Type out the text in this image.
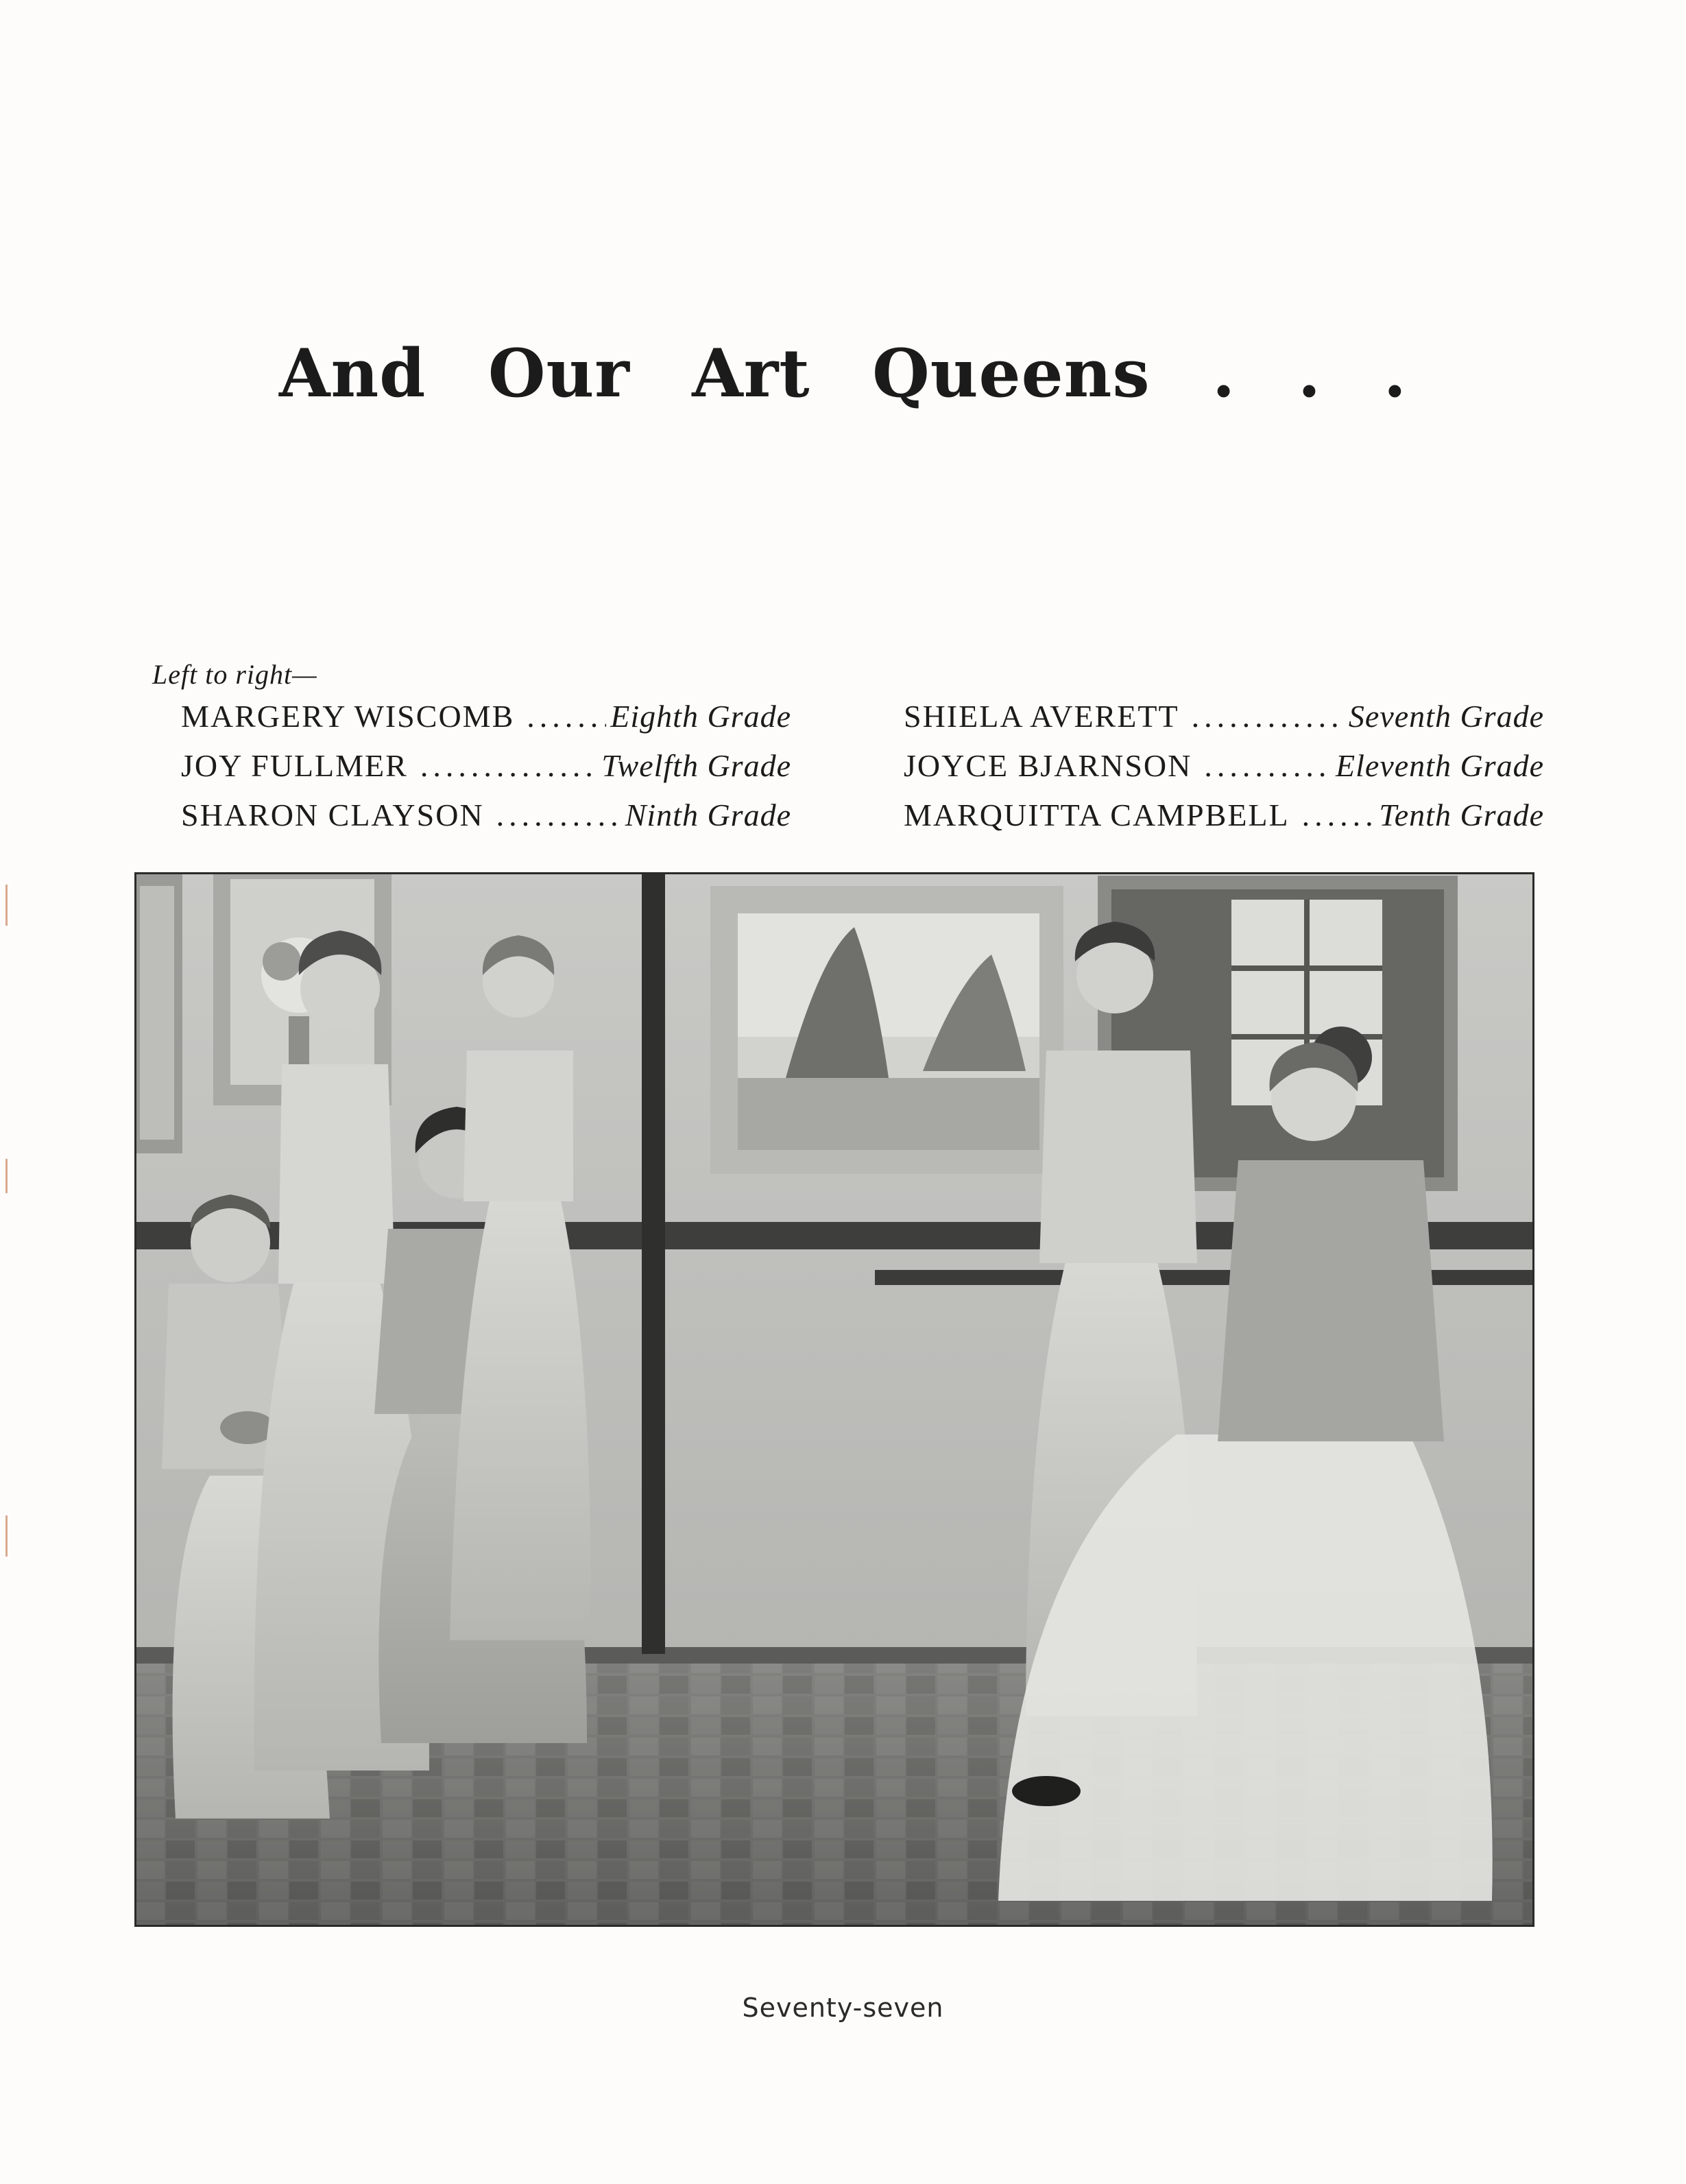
And Our Art Queens . . .
Left to right—
MARGERY WISCOMB .....	Eighth Grade
JOY FULLMER .....	Twelfth Grade
SHARON CLAYSON .....	Ninth Grade
SHIELA AVERETT .....	Seventh Grade
JOYCE BJARNSON .....	Eleventh Grade
MARQUITTA CAMPBELL .....	Tenth Grade
Seventy-seven
